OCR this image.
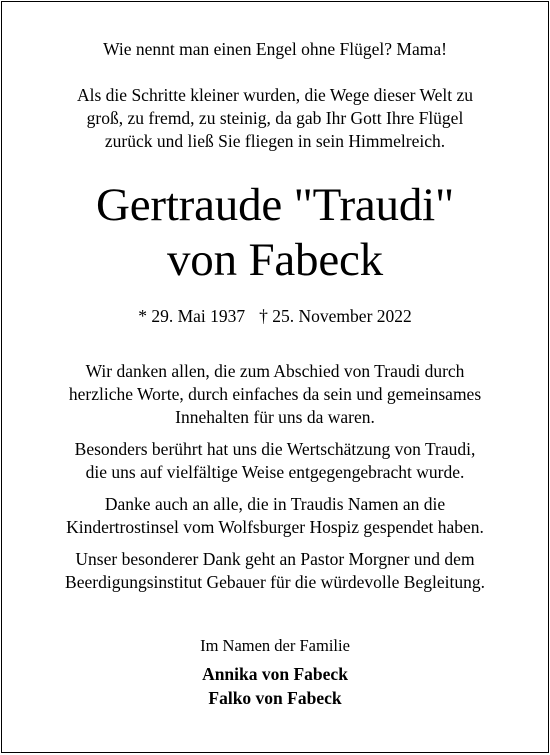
Wie nennt man einen Engel ohne Flügel? Mama!
Als die Schritte kleiner wurden, die Wege dieser Welt zu
groß, zu fremd, zu steinig, da gab Ihr Gott Ihre Flügel
zurück und ließ Sie fliegen in sein Himmelreich.
Gertraude "Traudi"
von Fabeck
* 29. Mai 1937 † 25. November 2022
Wir danken allen, die zum Abschied von Traudi durch
herzliche Worte, durch einfaches da sein und gemeinsames
Innehalten für uns da waren.
Besonders berührt hat uns die Wertschätzung von Traudi,
die uns auf vielfältige Weise entgegengebracht wurde.
Danke auch an alle, die in Traudis Namen an die
Kindertrostinsel vom Wolfsburger Hospiz gespendet haben.
Unser besonderer Dank geht an Pastor Morgner und dem
Beerdigungsinstitut Gebauer für die würdevolle Begleitung.
Im Namen der Familie
Annika von Fabeck
Falko von Fabeck
